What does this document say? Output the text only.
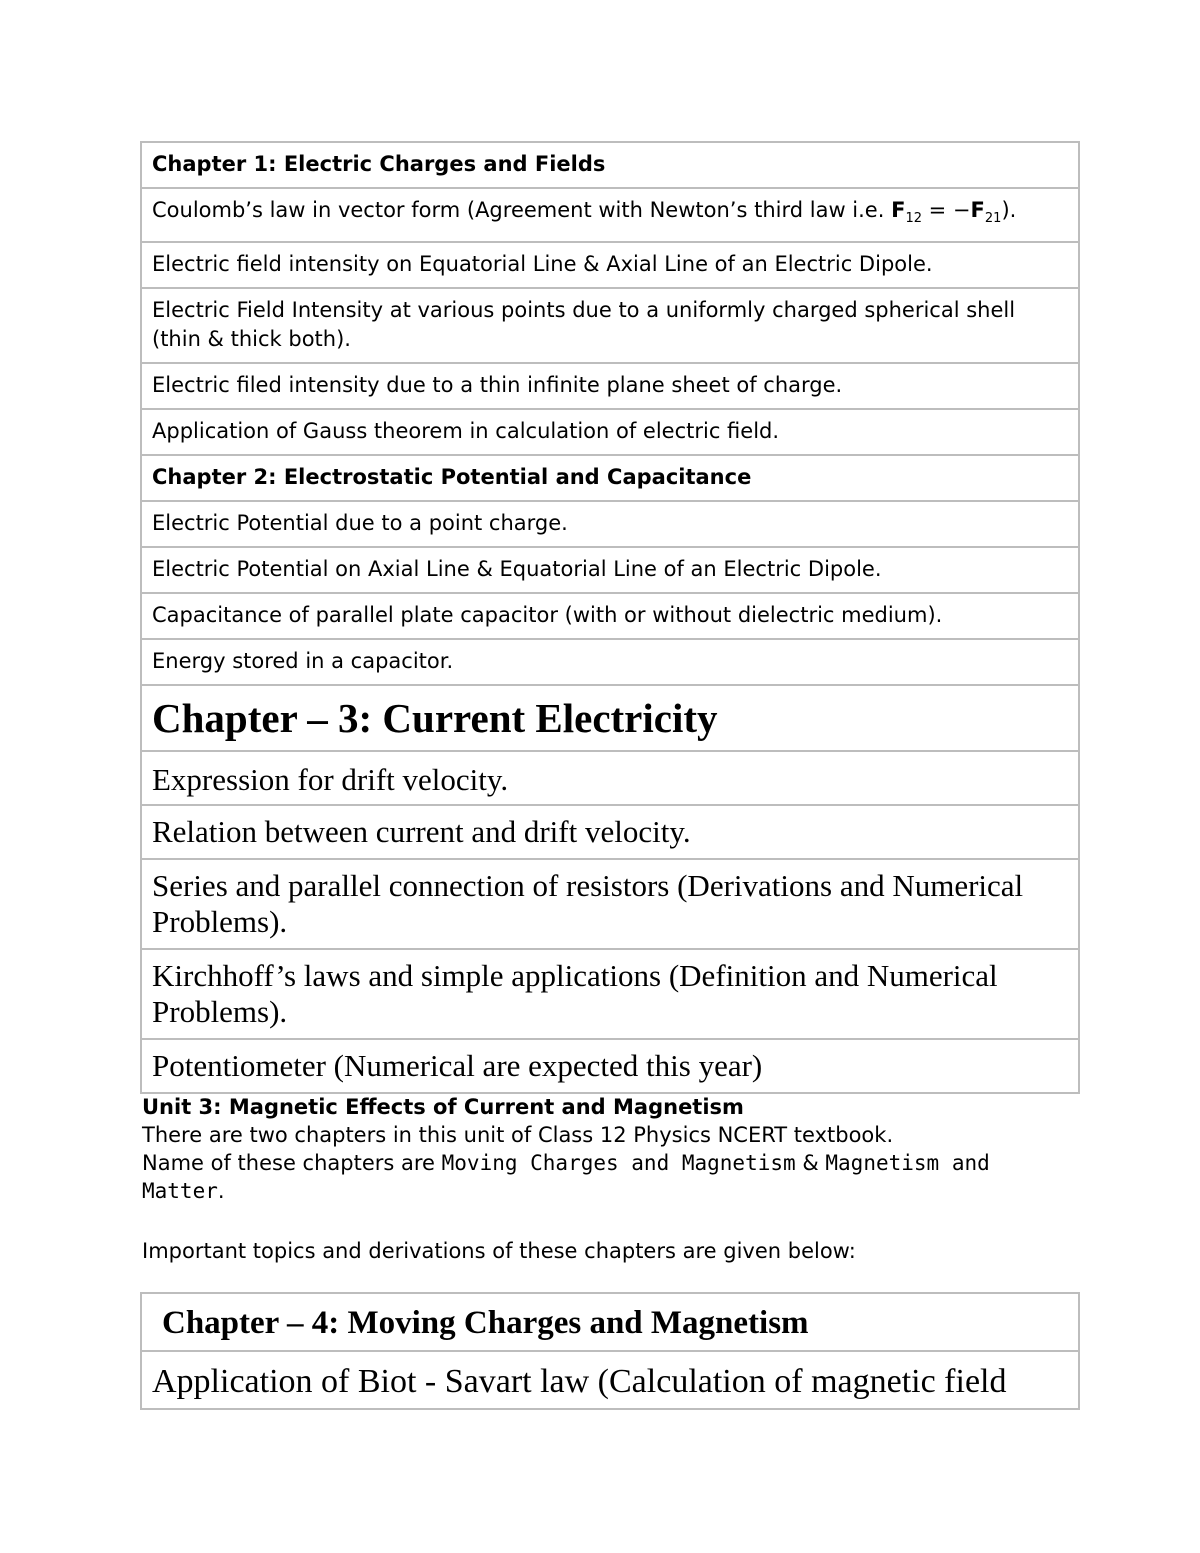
Chapter 1: Electric Charges and Fields
Coulomb’s law in vector form (Agreement with Newton’s third law i.e. $F_{12} = -F_{21}$).
Electric field intensity on Equatorial Line & Axial Line of an Electric Dipole.
Electric Field Intensity at various points due to a uniformly charged spherical shell (thin & thick both).
Electric filed intensity due to a thin infinite plane sheet of charge.
Application of Gauss theorem in calculation of electric field.
Chapter 2: Electrostatic Potential and Capacitance
Electric Potential due to a point charge.
Electric Potential on Axial Line & Equatorial Line of an Electric Dipole.
Capacitance of parallel plate capacitor (with or without dielectric medium).
Energy stored in a capacitor.
Chapter – 3: Current Electricity
Expression for drift velocity.
Relation between current and drift velocity.
Series and parallel connection of resistors (Derivations and Numerical Problems).
Kirchhoff’s laws and simple applications (Definition and Numerical Problems).
Potentiometer (Numerical are expected this year)
Unit 3: Magnetic Effects of Current and Magnetism
There are two chapters in this unit of Class 12 Physics NCERT textbook.
Name of these chapters are Moving Charges and Magnetism & Magnetism and Matter.
Important topics and derivations of these chapters are given below:
Chapter – 4: Moving Charges and Magnetism
Application of Biot - Savart law (Calculation of magnetic field
